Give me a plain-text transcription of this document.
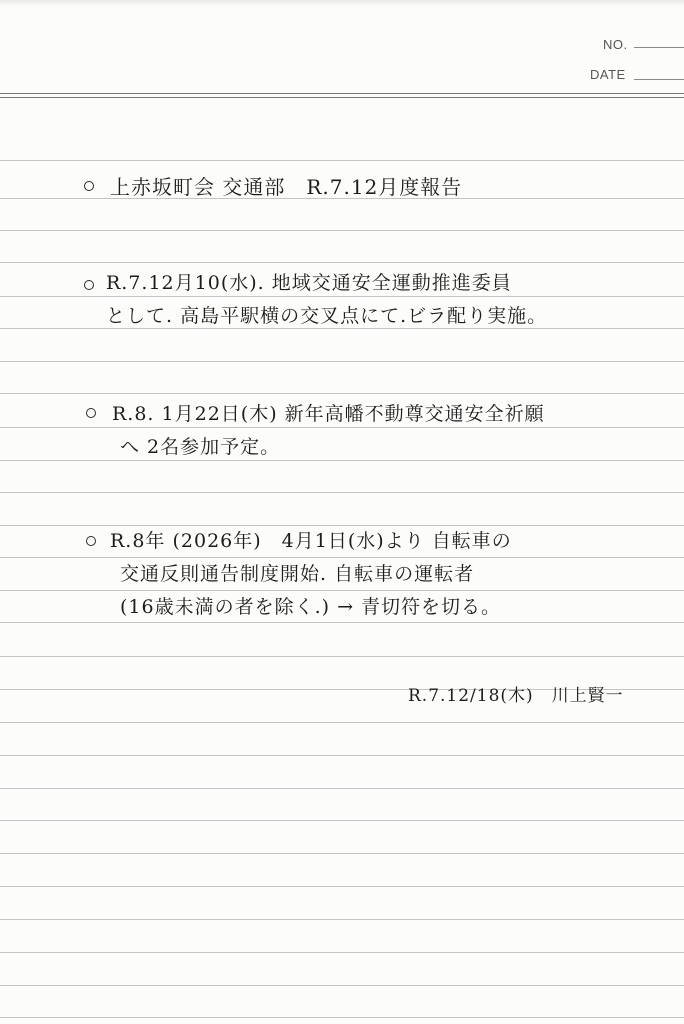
NO.
DATE
上赤坂町会 交通部　R.7.12月度報告
R.7.12月10(水). 地域交通安全運動推進委員
として. 高島平駅横の交叉点にて.ビラ配り実施。
R.8. 1月22日(木) 新年高幡不動尊交通安全祈願
へ 2名参加予定。
R.8年 (2026年)　4月1日(水)より 自転車の
交通反則通告制度開始. 自転車の運転者
(16歳未満の者を除く.) → 青切符を切る。
R.7.12/18(木)　川上賢一
